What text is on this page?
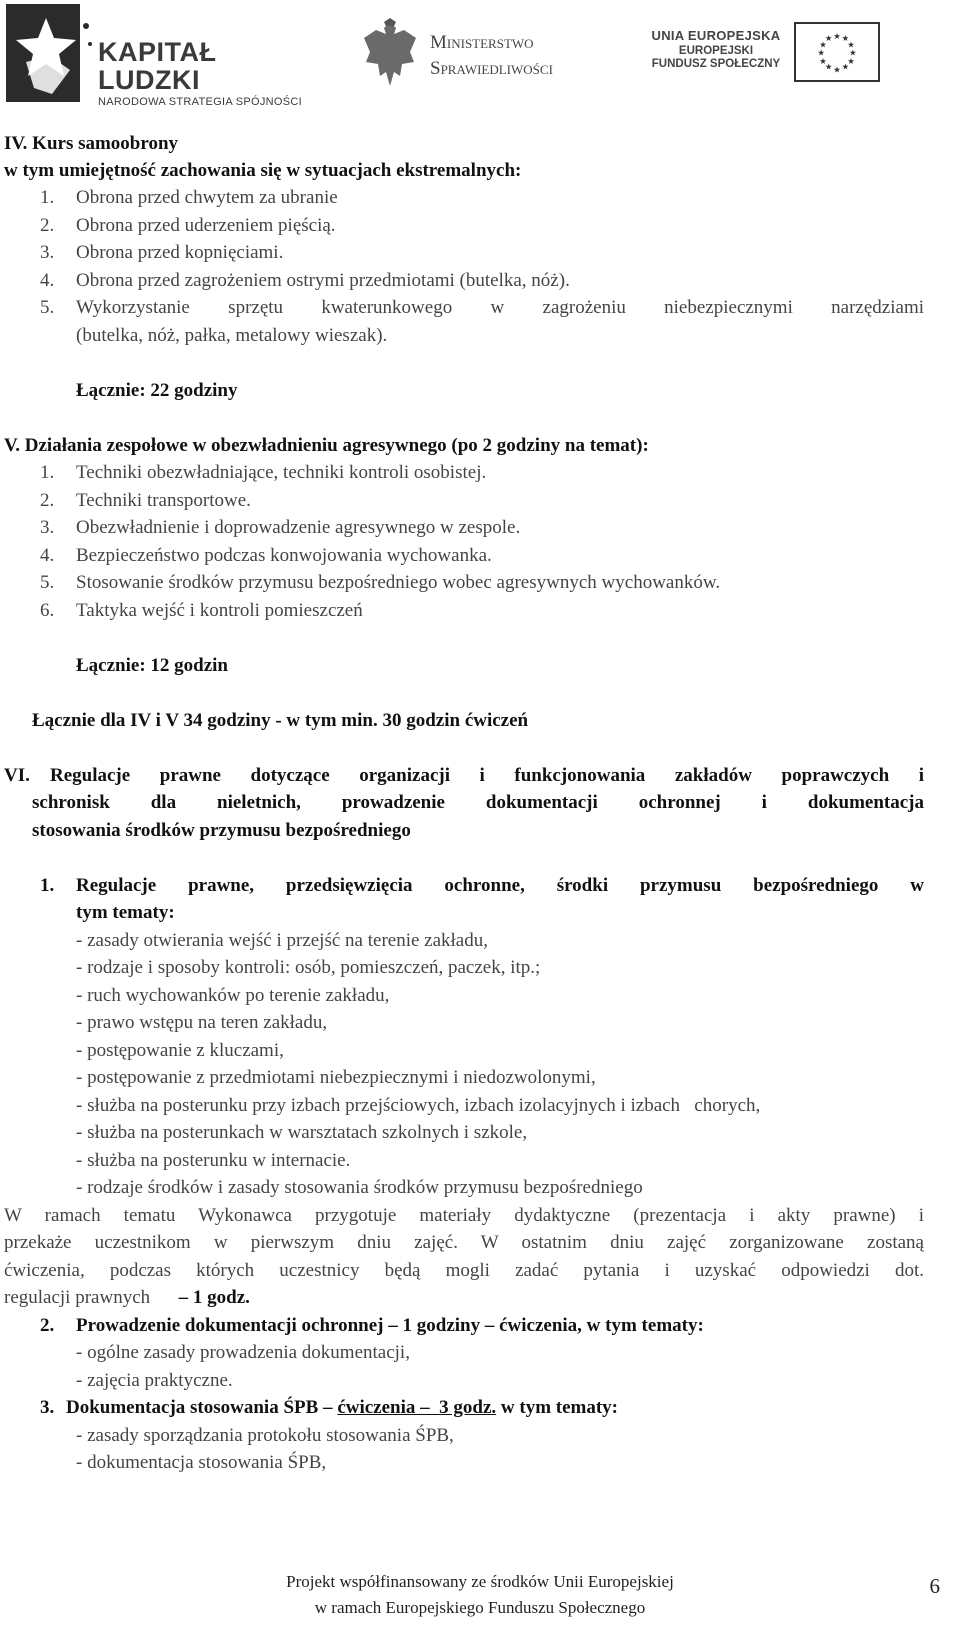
KAPITAŁ LUDZKI
NARODOWA STRATEGIA SPÓJNOŚCI
Ministerstwo
Sprawiedliwości
UNIA EUROPEJSKA
EUROPEJSKI
FUNDUSZ SPOŁECZNY
★ ★
★
★
★
★
★
★
★
★
★
★
IV. Kurs samoobrony
w tym umiejętność zachowania się w sytuacjach ekstremalnych:
1. Obrona przed chwytem za ubranie
2. Obrona przed uderzeniem pięścią.
3. Obrona przed kopnięciami.
4. Obrona przed zagrożeniem ostrymi przedmiotami (butelka, nóż).
5. Wykorzystanie sprzętu kwaterunkowego w zagrożeniu niebezpiecznymi narzędziami
(butelka, nóż, pałka, metalowy wieszak).
Łącznie: 22 godziny
V. Działania zespołowe w obezwładnieniu agresywnego (po 2 godziny na temat):
1. Techniki obezwładniające, techniki kontroli osobistej.
2. Techniki transportowe.
3. Obezwładnienie i doprowadzenie agresywnego w zespole.
4. Bezpieczeństwo podczas konwojowania wychowanka.
5. Stosowanie środków przymusu bezpośredniego wobec agresywnych wychowanków.
6. Taktyka wejść i kontroli pomieszczeń
Łącznie: 12 godzin
Łącznie dla IV i V 34 godziny - w tym min. 30 godzin ćwiczeń
VI. Regulacje prawne dotyczące organizacji i funkcjonowania zakładów poprawczych i
schronisk dla nieletnich, prowadzenie dokumentacji ochronnej i dokumentacja
stosowania środków przymusu bezpośredniego
1. Regulacje prawne, przedsięwzięcia ochronne, środki przymusu bezpośredniego w
tym tematy:
- zasady otwierania wejść i przejść na terenie zakładu,
- rodzaje i sposoby kontroli: osób, pomieszczeń, paczek, itp.;
- ruch wychowanków po terenie zakładu,
- prawo wstępu na teren zakładu,
- postępowanie z kluczami,
- postępowanie z przedmiotami niebezpiecznymi i niedozwolonymi,
- służba na posterunku przy izbach przejściowych, izbach izolacyjnych i izbach   chorych,
- służba na posterunkach w warsztatach szkolnych i szkole,
- służba na posterunku w internacie.
- rodzaje środków i zasady stosowania środków przymusu bezpośredniego
W ramach tematu Wykonawca przygotuje materiały dydaktyczne (prezentacja i akty prawne) i
przekaże uczestnikom w pierwszym dniu zajęć. W ostatnim dniu zajęć zorganizowane zostaną
ćwiczenia, podczas których uczestnicy będą mogli zadać pytania i uzyskać odpowiedzi dot.
regulacji prawnych      – 1 godz.
2. Prowadzenie dokumentacji ochronnej – 1 godziny – ćwiczenia, w tym tematy:
- ogólne zasady prowadzenia dokumentacji,
- zajęcia praktyczne.
3. Dokumentacja stosowania ŚPB – ćwiczenia –  3 godz. w tym tematy:
- zasady sporządzania protokołu stosowania ŚPB,
- dokumentacja stosowania ŚPB,
Projekt współfinansowany ze środków Unii Europejskiej
w ramach Europejskiego Funduszu Społecznego
6
